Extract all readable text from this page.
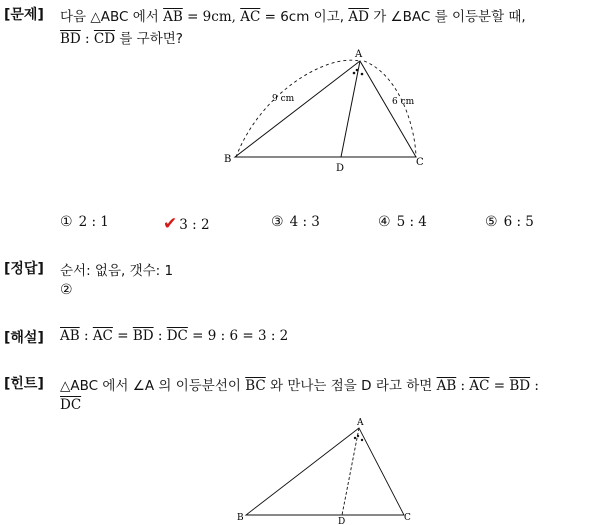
[문제] 다음 △ABC 에서 $\overline{AB} = 9cm$, $\overline{AC} = 6cm$ 이고, $\overline{AD}$ 가 ∠BAC 를 이등분할 때,
$\overline{BD}$ : $\overline{CD}$ 를 구하면?
A
B	C
D
9 cm	6 cm
① 2 : 1	✔ 3 : 2	③ 4 : 3	④ 5 : 4	⑤ 6 : 5
[정답] 순서: 없음, 갯수: 1
②
[해설] $\overline{AB}$ : $\overline{AC} = \overline{BD}$ : $\overline{DC} = 9$ : 6 = 3 : 2
[힌트] △ABC 에서 ∠A 의 이등분선이 $\overline{BC}$ 와 만나는 점을 D 라고 하면 $\overline{AB}$ : $\overline{AC} = \overline{BD}$ :
$\overline{DC}$
A
B	C
D
